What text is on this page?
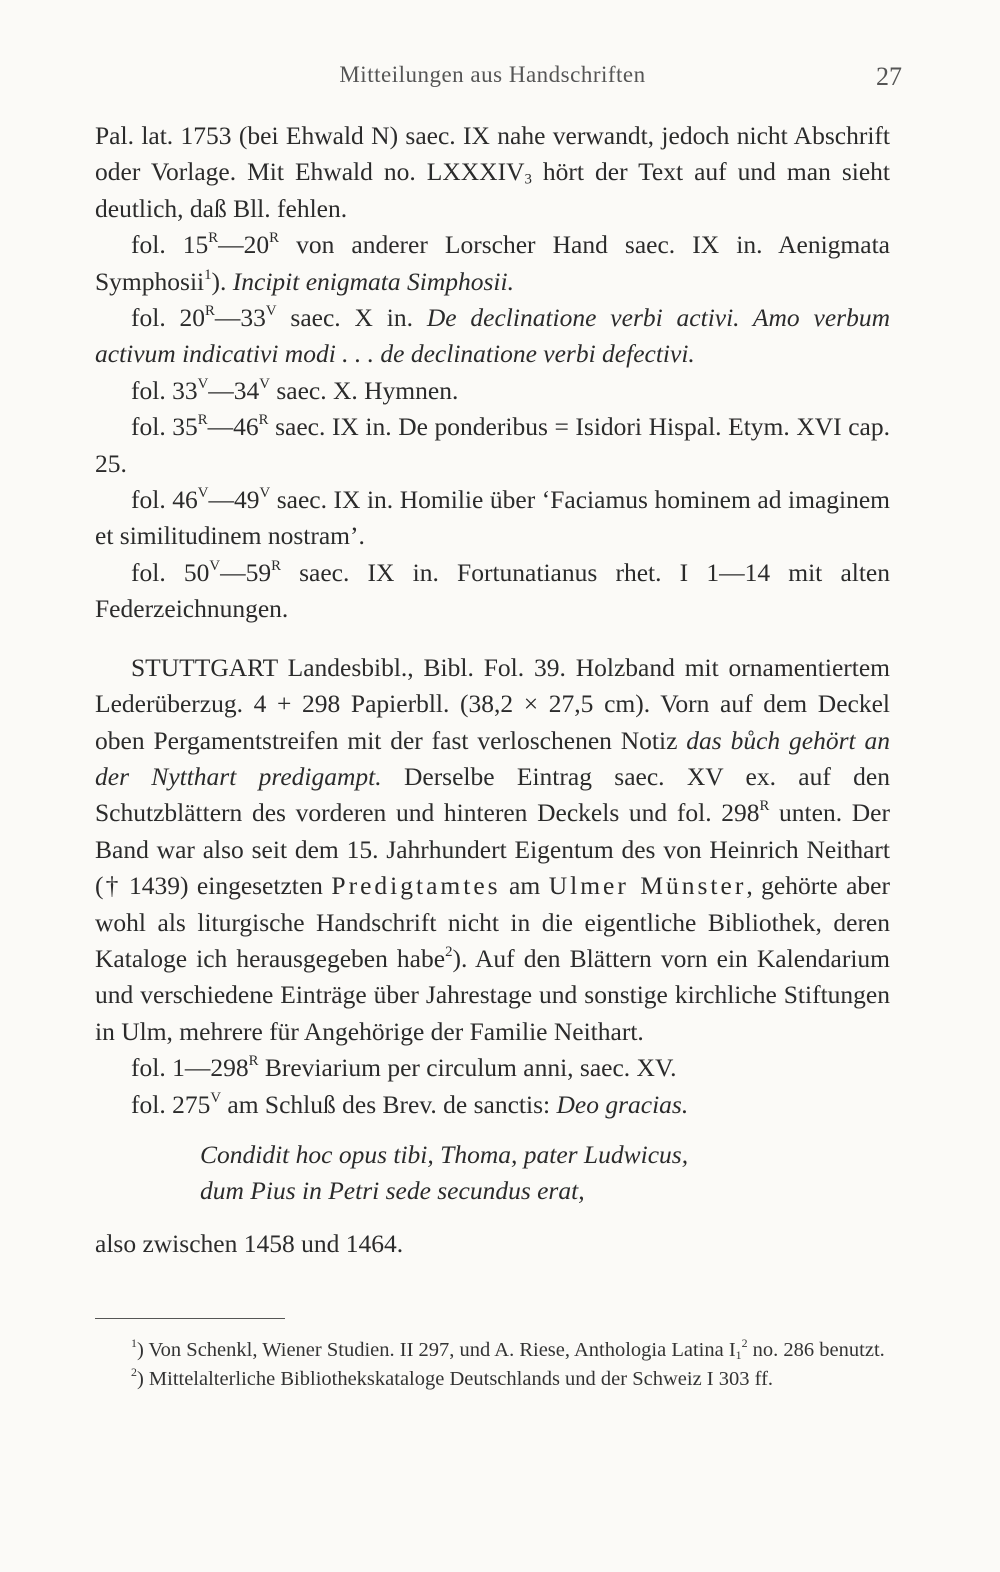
Mitteilungen aus Handschriften	27

Pal. lat. 1753 (bei Ehwald N) saec. IX nahe verwandt, jedoch nicht Abschrift oder Vorlage. Mit Ehwald no. $LXXXIV_3$ hört der Text auf und man sieht deutlich, daß Bll. fehlen.

fol. $15^R—20^R$ von anderer Lorscher Hand saec. IX in. Aenigmata Symphosii$^1$). Incipit enigmata Simphosii.

fol. $20^R—33^V$ saec. X in. De declinatione verbi activi. Amo verbum activum indicativi modi . . . de declinatione verbi defectivi.

fol. $33^V—34^V$ saec. X. Hymnen.

fol. $35^R—46^R$ saec. IX in. De ponderibus = Isidori Hispal. Etym. XVI cap. 25.

fol. $46^V—49^V$ saec. IX in. Homilie über ‘Faciamus hominem ad imaginem et similitudinem nostram’.

fol. $50^V—59^R$ saec. IX in. Fortunatianus rhet. I 1—14 mit alten Federzeichnungen.

STUTTGART Landesbibl., Bibl. Fol. 39. Holzband mit ornamentiertem Lederüberzug. 4 + 298 Papierbll. (38,2 × 27,5 cm). Vorn auf dem Deckel oben Pergamentstreifen mit der fast verloschenen Notiz das bůch gehört an der Nytthart predigampt. Derselbe Eintrag saec. XV ex. auf den Schutzblättern des vorderen und hinteren Deckels und fol. $298^R$ unten. Der Band war also seit dem 15. Jahrhundert Eigentum des von Heinrich Neithart († 1439) eingesetzten Predigtamtes am Ulmer Münster, gehörte aber wohl als liturgische Handschrift nicht in die eigentliche Bibliothek, deren Kataloge ich herausgegeben habe$^2$). Auf den Blättern vorn ein Kalendarium und verschiedene Einträge über Jahrestage und sonstige kirchliche Stiftungen in Ulm, mehrere für Angehörige der Familie Neithart.

fol. $1—298^R$ Breviarium per circulum anni, saec. XV.

fol. $275^V$ am Schluß des Brev. de sanctis: Deo gracias.

Condidit hoc opus tibi, Thoma, pater Ludwicus,

dum Pius in Petri sede secundus erat,

also zwischen 1458 und 1464.

$^1$) Von Schenkl, Wiener Studien. II 297, und A. Riese, Anthologia Latina $I_1^2$ no. 286 benutzt.

$^2$) Mittelalterliche Bibliothekskataloge Deutschlands und der Schweiz I 303 ff.
